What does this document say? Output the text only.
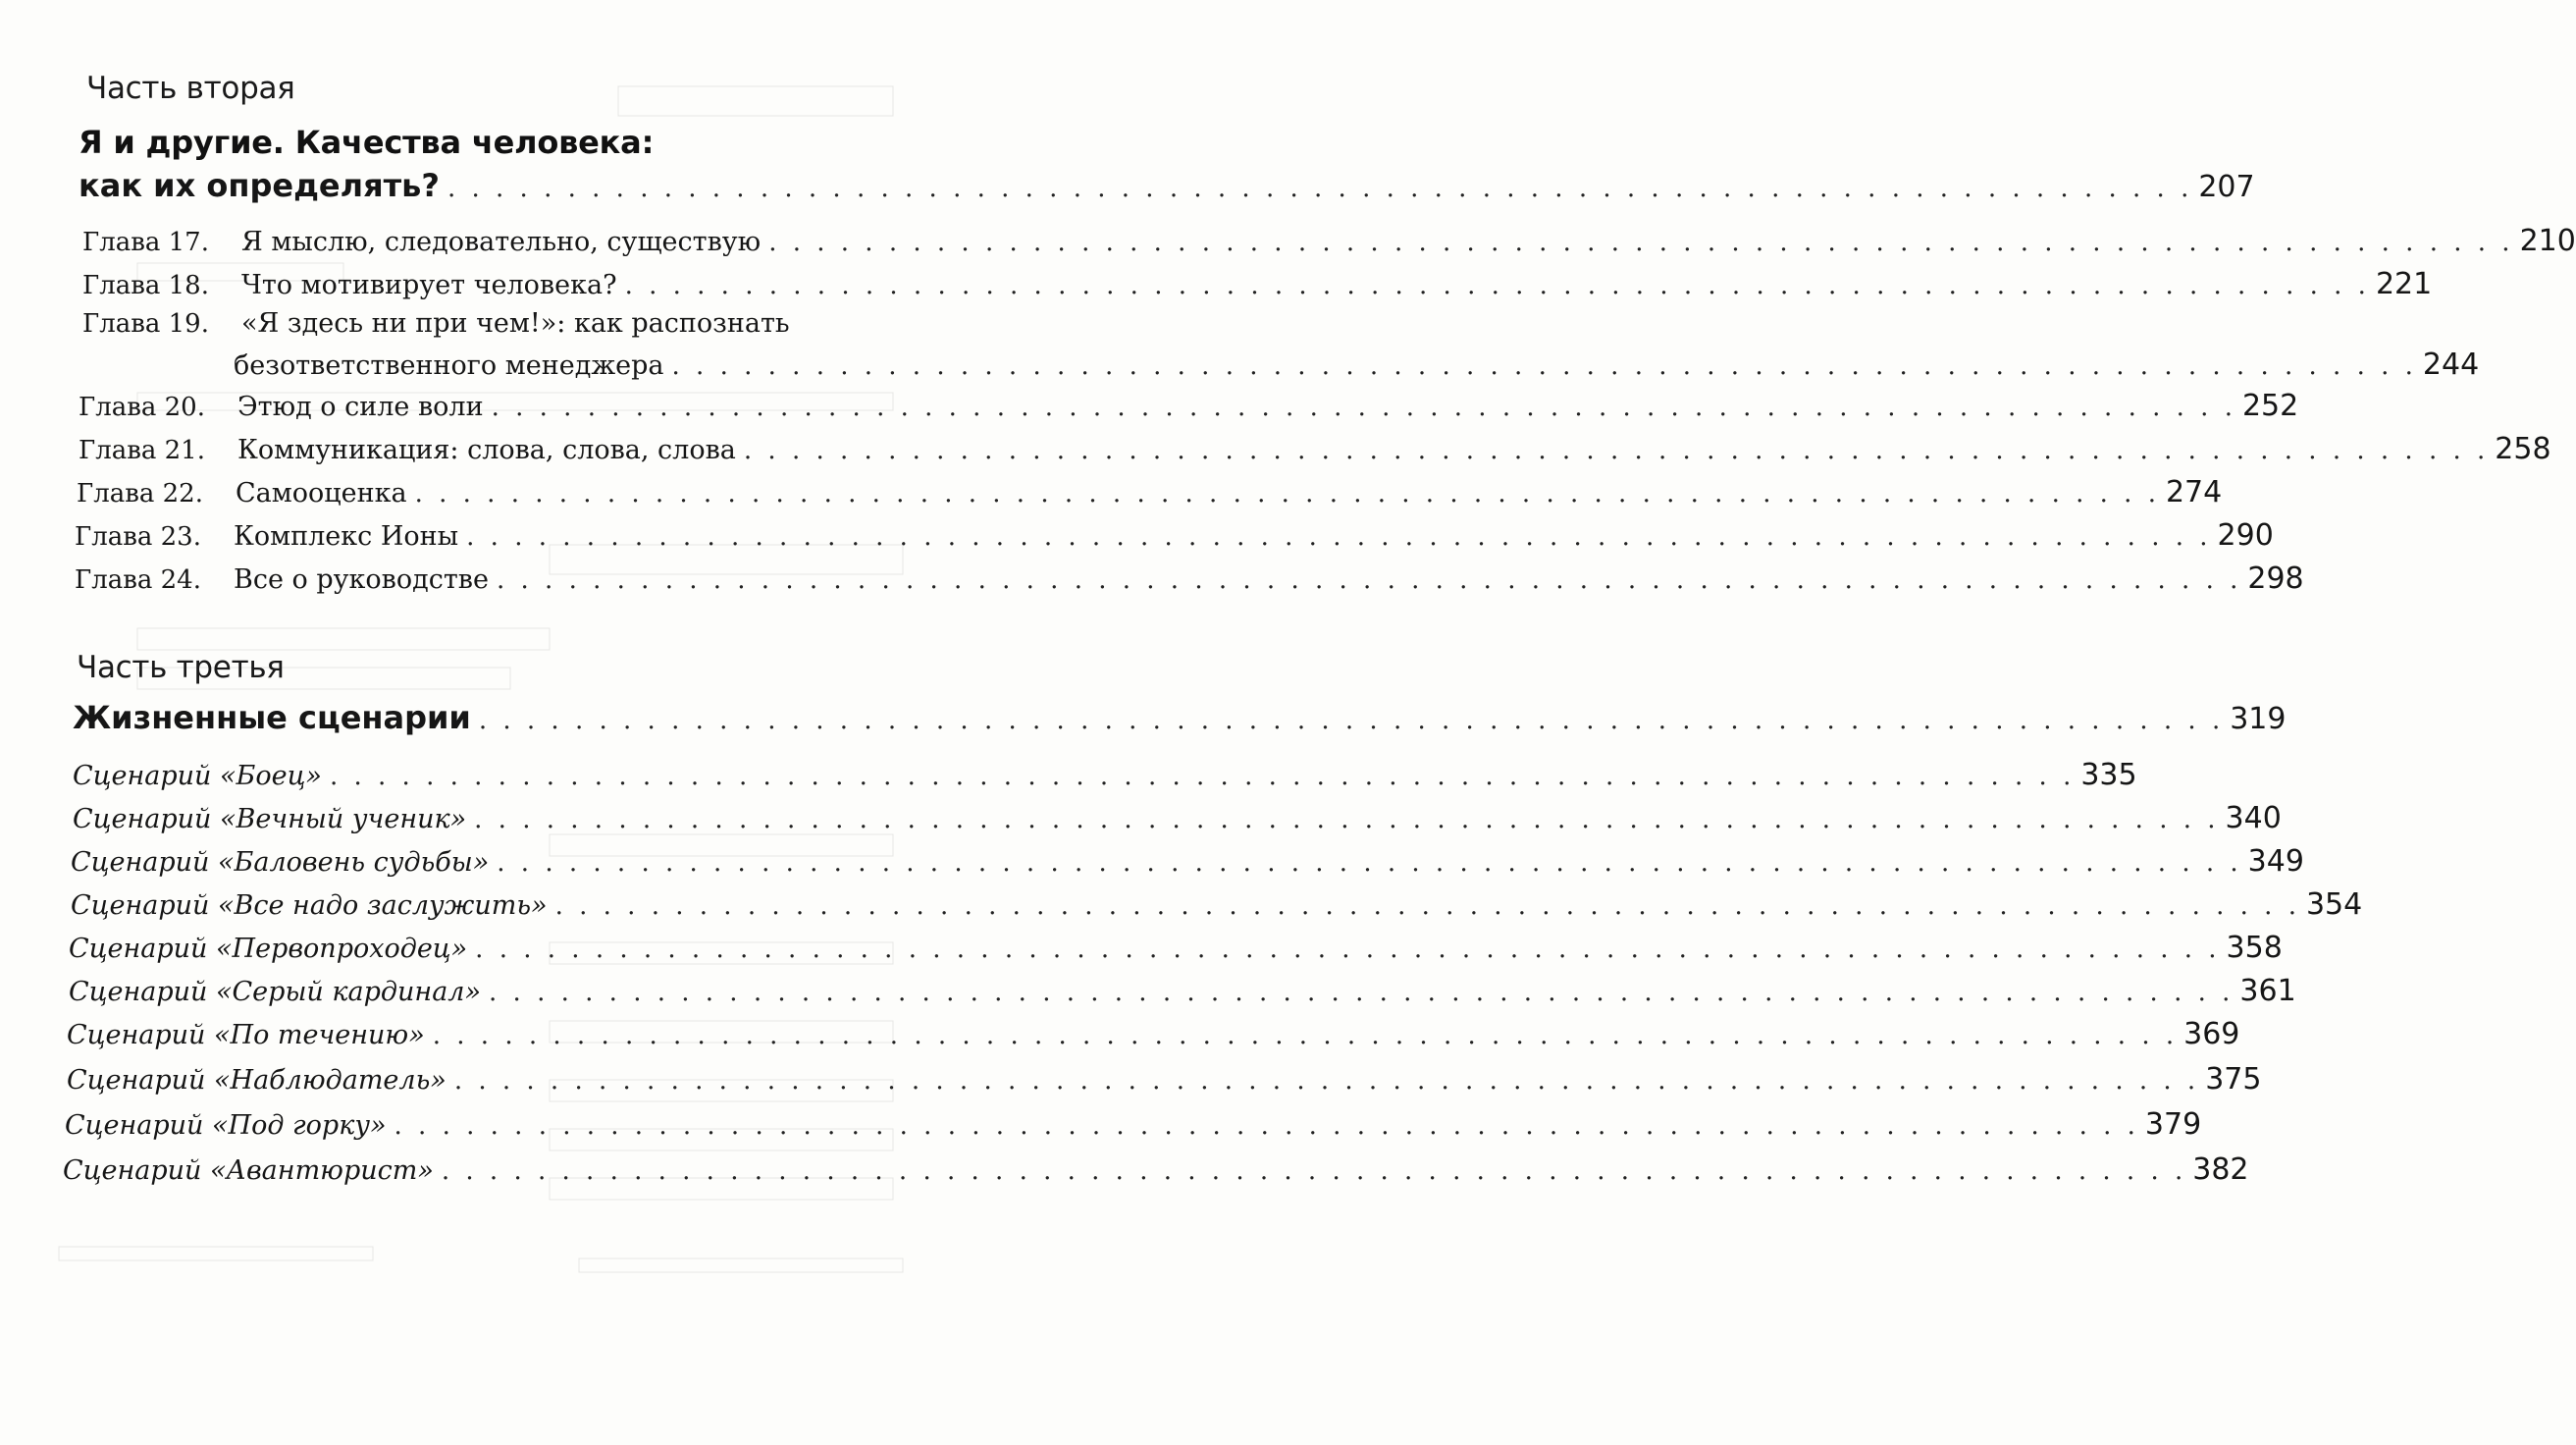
Часть вторая
Я и другие. Качества человека:
как их определять? . . . . . . . . . . . . . . . . . . . . . . . . . . . . . . . . . . . . . . . . . . . . . . . . . . . . . . . . . . . . . . . . . . . . . . . . . 207
Глава 17.	Я мыслю, следовательно, существую . . . . . . . . . . . . . . . . . . . . . . . . . . . . . . . . . . . . . . . . . . . . . . . . . . . . . . . . . . . . . . . . . . . . . . . . . 210
Глава 18.	Что мотивирует человека? . . . . . . . . . . . . . . . . . . . . . . . . . . . . . . . . . . . . . . . . . . . . . . . . . . . . . . . . . . . . . . . . . . . . . . . . . 221
Глава 19.	«Я здесь ни при чем!»: как распознать
безответственного менеджера . . . . . . . . . . . . . . . . . . . . . . . . . . . . . . . . . . . . . . . . . . . . . . . . . . . . . . . . . . . . . . . . . . . . . . . . . 244
Глава 20.	Этюд о силе воли . . . . . . . . . . . . . . . . . . . . . . . . . . . . . . . . . . . . . . . . . . . . . . . . . . . . . . . . . . . . . . . . . . . . . . . . . 252
Глава 21.	Коммуникация: слова, слова, слова . . . . . . . . . . . . . . . . . . . . . . . . . . . . . . . . . . . . . . . . . . . . . . . . . . . . . . . . . . . . . . . . . . . . . . . . . 258
Глава 22.	Самооценка . . . . . . . . . . . . . . . . . . . . . . . . . . . . . . . . . . . . . . . . . . . . . . . . . . . . . . . . . . . . . . . . . . . . . . . . . 274
Глава 23.	Комплекс Ионы . . . . . . . . . . . . . . . . . . . . . . . . . . . . . . . . . . . . . . . . . . . . . . . . . . . . . . . . . . . . . . . . . . . . . . . . . 290
Глава 24.	Все о руководстве . . . . . . . . . . . . . . . . . . . . . . . . . . . . . . . . . . . . . . . . . . . . . . . . . . . . . . . . . . . . . . . . . . . . . . . . . 298
Часть третья
Жизненные сценарии . . . . . . . . . . . . . . . . . . . . . . . . . . . . . . . . . . . . . . . . . . . . . . . . . . . . . . . . . . . . . . . . . . . . . . . . . 319
Сценарий «Боец» . . . . . . . . . . . . . . . . . . . . . . . . . . . . . . . . . . . . . . . . . . . . . . . . . . . . . . . . . . . . . . . . . . . . . . . . . 335
Сценарий «Вечный ученик» . . . . . . . . . . . . . . . . . . . . . . . . . . . . . . . . . . . . . . . . . . . . . . . . . . . . . . . . . . . . . . . . . . . . . . . . . 340
Сценарий «Баловень судьбы» . . . . . . . . . . . . . . . . . . . . . . . . . . . . . . . . . . . . . . . . . . . . . . . . . . . . . . . . . . . . . . . . . . . . . . . . . 349
Сценарий «Все надо заслужить» . . . . . . . . . . . . . . . . . . . . . . . . . . . . . . . . . . . . . . . . . . . . . . . . . . . . . . . . . . . . . . . . . . . . . . . . . 354
Сценарий «Первопроходец» . . . . . . . . . . . . . . . . . . . . . . . . . . . . . . . . . . . . . . . . . . . . . . . . . . . . . . . . . . . . . . . . . . . . . . . . . 358
Сценарий «Серый кардинал» . . . . . . . . . . . . . . . . . . . . . . . . . . . . . . . . . . . . . . . . . . . . . . . . . . . . . . . . . . . . . . . . . . . . . . . . . 361
Сценарий «По течению» . . . . . . . . . . . . . . . . . . . . . . . . . . . . . . . . . . . . . . . . . . . . . . . . . . . . . . . . . . . . . . . . . . . . . . . . . 369
Сценарий «Наблюдатель» . . . . . . . . . . . . . . . . . . . . . . . . . . . . . . . . . . . . . . . . . . . . . . . . . . . . . . . . . . . . . . . . . . . . . . . . . 375
Сценарий «Под горку» . . . . . . . . . . . . . . . . . . . . . . . . . . . . . . . . . . . . . . . . . . . . . . . . . . . . . . . . . . . . . . . . . . . . . . . . . 379
Сценарий «Авантюрист» . . . . . . . . . . . . . . . . . . . . . . . . . . . . . . . . . . . . . . . . . . . . . . . . . . . . . . . . . . . . . . . . . . . . . . . . . 382
